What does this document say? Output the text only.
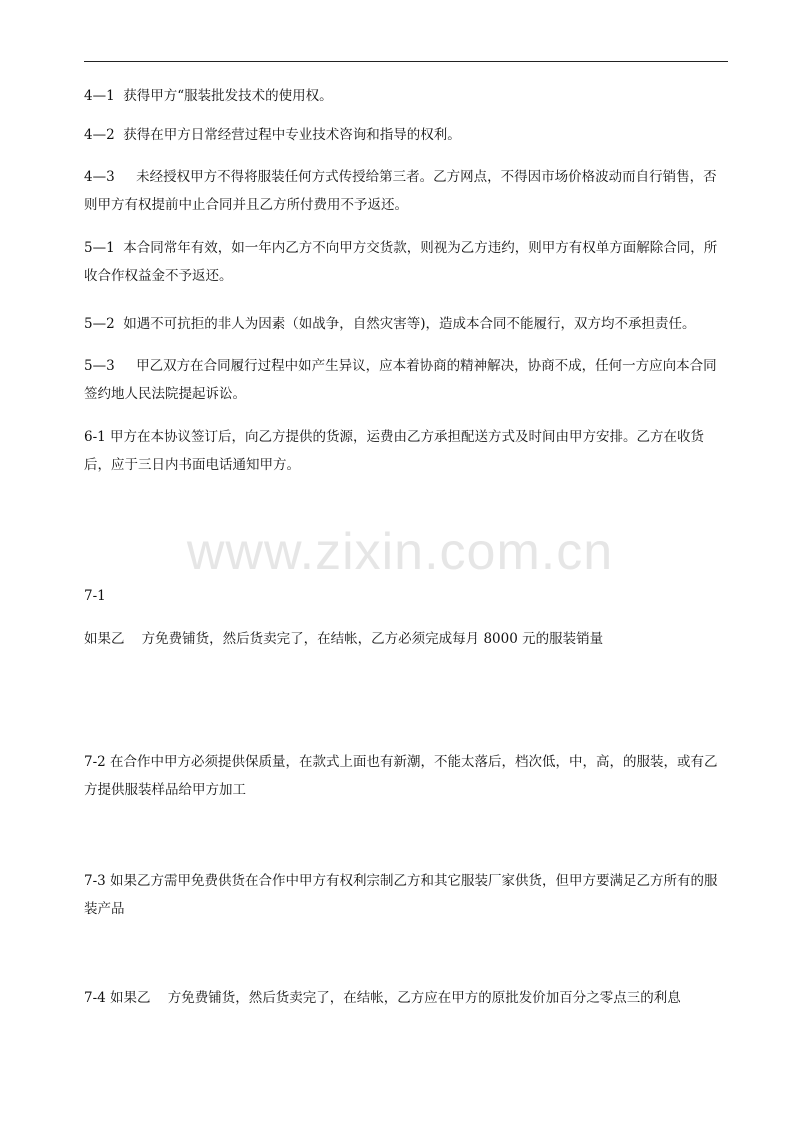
www.zixin.com.cn

4—1  获得甲方“服装批发技术的使用权。

4—2  获得在甲方日常经营过程中专业技术咨询和指导的权利。

4—3     未经授权甲方不得将服装任何方式传授给第三者。乙方网点，不得因市场价格波动而自行销售，否则甲方有权提前中止合同并且乙方所付费用不予返还。

5—1  本合同常年有效，如一年内乙方不向甲方交货款，则视为乙方违约，则甲方有权单方面解除合同，所收合作权益金不予返还。

5—2  如遇不可抗拒的非人为因素（如战争，自然灾害等)，造成本合同不能履行，双方均不承担责任。

5—3     甲乙双方在合同履行过程中如产生异议，应本着协商的精神解决，协商不成，任何一方应向本合同签约地人民法院提起诉讼。

6-1 甲方在本协议签订后，向乙方提供的货源，运费由乙方承担配送方式及时间由甲方安排。乙方在收货后，应于三日内书面电话通知甲方。

7-1

如果乙    方免费铺货，然后货卖完了，在结帐，乙方必须完成每月 8000 元的服装销量

7-2 在合作中甲方必须提供保质量，在款式上面也有新潮，不能太落后，档次低，中，高，的服装，或有乙方提供服装样品给甲方加工

7-3 如果乙方需甲免费供货在合作中甲方有权利宗制乙方和其它服装厂家供货，但甲方要满足乙方所有的服装产品

7-4 如果乙    方免费铺货，然后货卖完了，在结帐，乙方应在甲方的原批发价加百分之零点三的利息
